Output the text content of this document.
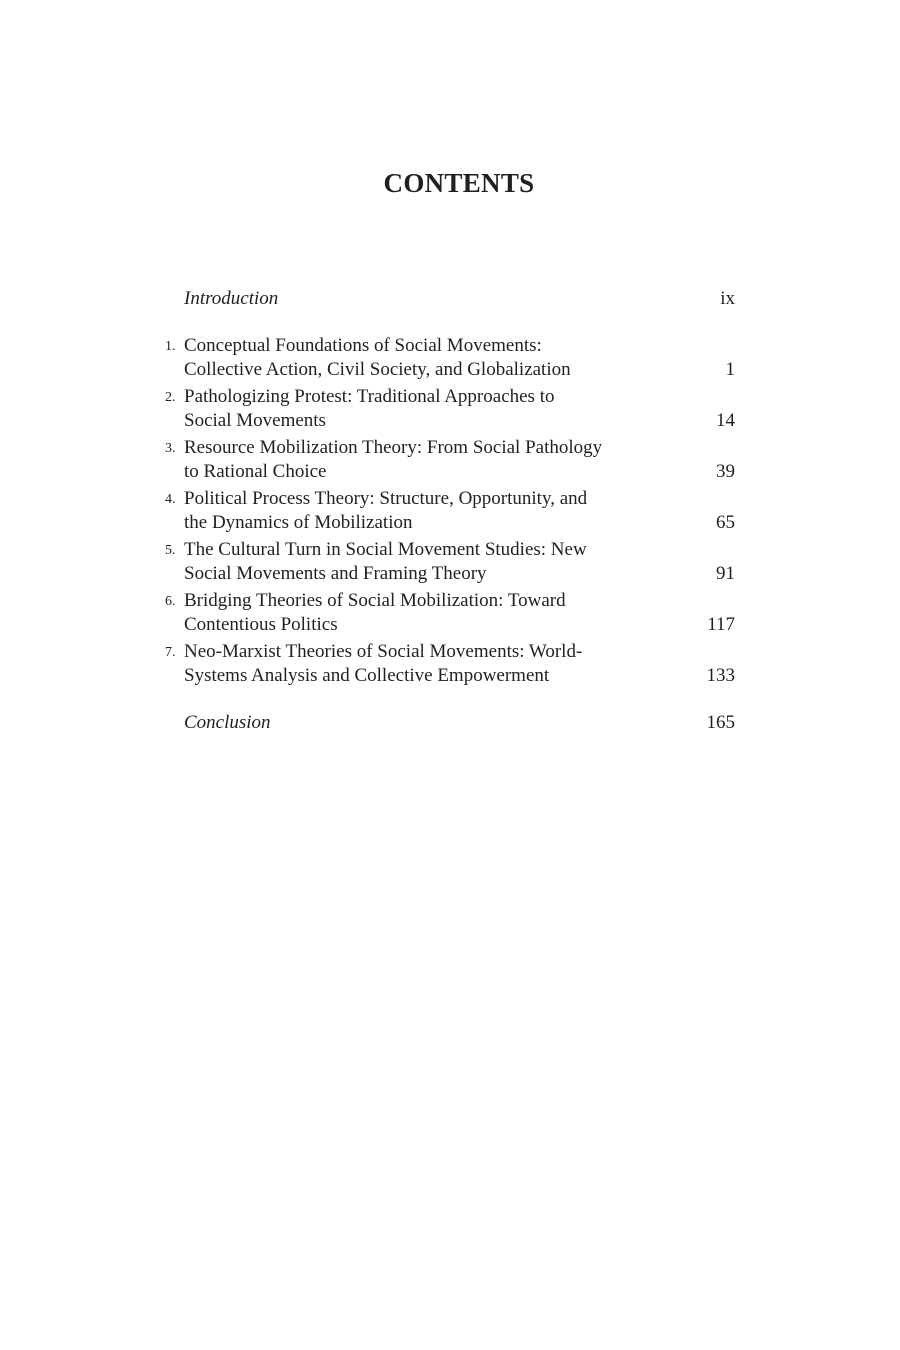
CONTENTS
Introduction	ix
1. Conceptual Foundations of Social Movements:
Collective Action, Civil Society, and Globalization	1
2. Pathologizing Protest: Traditional Approaches to
Social Movements	14
3. Resource Mobilization Theory: From Social Pathology
to Rational Choice	39
4. Political Process Theory: Structure, Opportunity, and
the Dynamics of Mobilization	65
5. The Cultural Turn in Social Movement Studies: New
Social Movements and Framing Theory	91
6. Bridging Theories of Social Mobilization: Toward
Contentious Politics	117
7. Neo-Marxist Theories of Social Movements: World-
Systems Analysis and Collective Empowerment	133
Conclusion	165
